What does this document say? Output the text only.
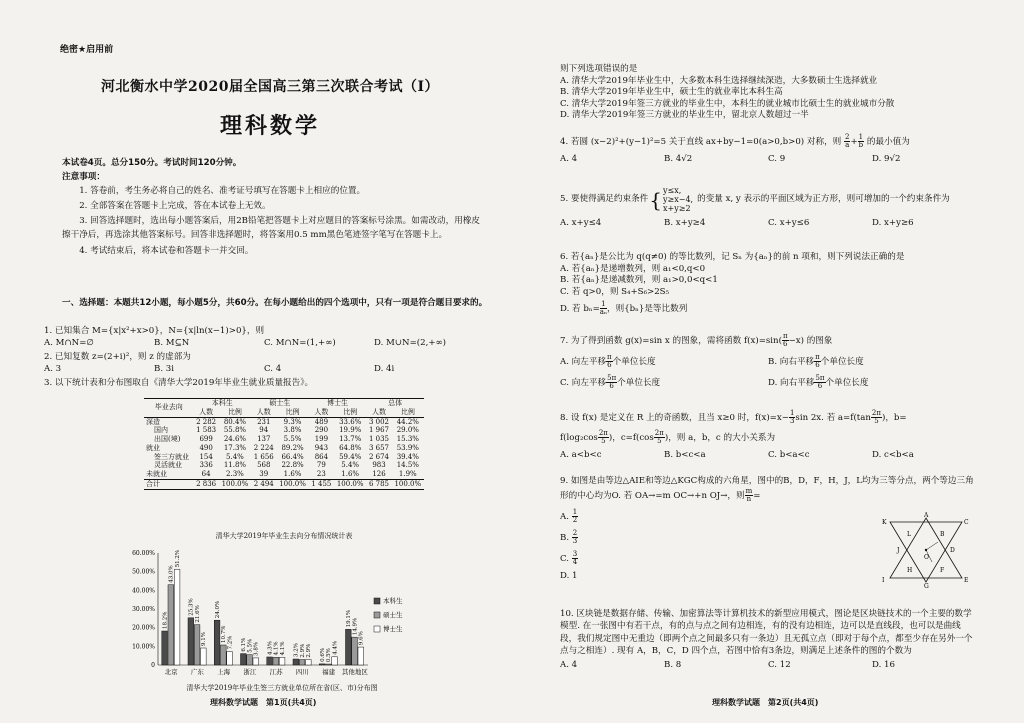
绝密★启用前
河北衡水中学2020届全国高三第三次联合考试（Ⅰ）
理科数学
本试卷4页。总分150分。考试时间120分钟。
注意事项：
1. 答卷前，考生务必将自己的姓名、准考证号填写在答题卡上相应的位置。
2. 全部答案在答题卡上完成，答在本试卷上无效。
3. 回答选择题时，选出每小题答案后，用2B铅笔把答题卡上对应题目的答案标号涂黑。如需改动，用橡皮擦干净后，再选涂其他答案标号。回答非选择题时，将答案用0.5 mm黑色笔迹签字笔写在答题卡上。
4. 考试结束后，将本试卷和答题卡一并交回。
一、选择题：本题共12小题，每小题5分，共60分。在每小题给出的四个选项中，只有一项是符合题目要求的。
1. 已知集合 M={x|x²+x>0}，N={x|ln(x−1)>0}，则
A. M∩N=∅	B. M⊆N	C. M∩N=(1,+∞)	D. M∪N=(2,+∞)
2. 已知复数 z=(2+i)²，则 z 的虚部为
A. 3	B. 3i	C. 4	D. 4i
3. 以下统计表和分布图取自《清华大学2019年毕业生就业质量报告》。
毕业去向	本科生		硕士生		博士生		总体	
	人数	比例	人数	比例	人数	比例	人数	比例
深造	2 282	80.4%	231	9.3%	489	33.6%	3 002	44.2%
国内	1 583	55.8%	94	3.8%	290	19.9%	1 967	29.0%
出国(境)	699	24.6%	137	5.5%	199	13.7%	1 035	15.3%
就业	490	17.3%	2 224	89.2%	943	64.8%	3 657	53.9%
签三方就业	154	5.4%	1 656	66.4%	864	59.4%	2 674	39.4%
灵活就业	336	11.8%	568	22.8%	79	5.4%	983	14.5%
未就业	64	2.3%	39	1.6%	23	1.6%	126	1.9%
合计	2 836	100.0%	2 494	100.0%	1 455	100.0%	6 785	100.0%
清华大学2019年毕业生去向分布情况统计表
0
10.00%
20.00%
30.00%
40.00%
50.00%
60.00%
18.2%
43.0%
51.2%
北京
25.3% 21.6%
9.1%
广东
24.0%
10.7% 7.2%
上海
6.1% 5.5% 3.8%
浙江
4.3% 4.1% 4.1%
江苏
3.2% 2.9% 2.9%
四川
0.6% 0.5%
4.4%
福建
19.1% 14.9%
9.6%
其他地区
本科生
硕士生
博士生
清华大学2019年毕业生签三方就业单位所在省(区、市)分布图
理科数学试题　第1页(共4页)
则下列选项错误的是
A. 清华大学2019年毕业生中，大多数本科生选择继续深造，大多数硕士生选择就业
B. 清华大学2019年毕业生中，硕士生的就业率比本科生高
C. 清华大学2019年签三方就业的毕业生中，本科生的就业城市比硕士生的就业城市分散
D. 清华大学2019年签三方就业的毕业生中，留北京人数超过一半
4. 若圆 (x−2)²+(y−1)²=5 关于直线 ax+by−1=0(a>0,b>0) 对称，则 $\frac{2}{a} + \frac{1}{b}$ 的最小值为
A. 4	B. 4√2	C. 9	D. 9√2
5. 要使得满足约束条件 { y≤x,
y≥x−4,
x+y≥2
的变量 x, y 表示的平面区域为正方形，则可增加的一个约束条件为
A. x+y≤4	B. x+y≥4	C. x+y≤6	D. x+y≥6
6. 若{aₙ}是公比为 q(q≠0) 的等比数列，记 Sₙ 为{aₙ}的前 n 项和，则下列说法正确的是
A. 若{aₙ}是递增数列，则 a₁<0,q<0
B. 若{aₙ}是递减数列，则 a₁>0,0<q<1
C. 若 q>0，则 S₄+S₆>2S₅
D. 若 $b_n= \frac{1}{\text{aₙ}}$ ，则{bₙ}是等比数列
7. 为了得到函数 g(x)=sin x 的图象，需将函数 $f(x)=\sin( \frac{\pi}{6} -x)$ 的图象
A. 向左平移 $\frac{\pi}{6}$ 个单位长度	B. 向右平移 $\frac{\pi}{6}$ 个单位长度
C. 向左平移 $\frac{5\pi}{6}$ 个单位长度	D. 向右平移 $\frac{5\pi}{6}$ 个单位长度
8. 设 f(x) 是定义在 R 上的奇函数，且当 x≥0 时，$f(x)=x- \frac{1}{3}$ sin 2x. 若 $a=f(\tan \frac{2\pi}{5}$ )，b=
$f(\log_2\cos \frac{2\pi}{5}$ )，$c=f(\cos \frac{2\pi}{5}$ )，则 a，b，c 的大小关系为
A. a<b<c	B. b<c<a	C. b<a<c	D. c<b<a
9. 如图是由等边△AIE和等边△KGC构成的六角星，图中的B，D，F，H，J，L均为三等分点，两个等边三角形的中心均为O. 若 OA→=m OC→+n OJ→，则 $\frac{m}{n}$ =
A. $\frac{1}{2}$
B. $\frac{2}{3}$
C. $\frac{3}{4}$
D. 1
A
B
C
D
E
F
G
H
I
J
K
L
O
10. 区块链是数据存储、传输、加密算法等计算机技术的新型应用模式，图论是区块链技术的一个主要的数学模型. 在一张图中有若干点，有的点与点之间有边相连，有的没有边相连，边可以是直线段，也可以是曲线段，我们规定图中无重边（即两个点之间最多只有一条边）且无孤立点（即对于每个点，都至少存在另外一个点与之相连）. 现有 A，B，C，D 四个点，若图中恰有3条边，则满足上述条件的图的个数为
A. 4	B. 8	C. 12	D. 16
理科数学试题　第2页(共4页)
